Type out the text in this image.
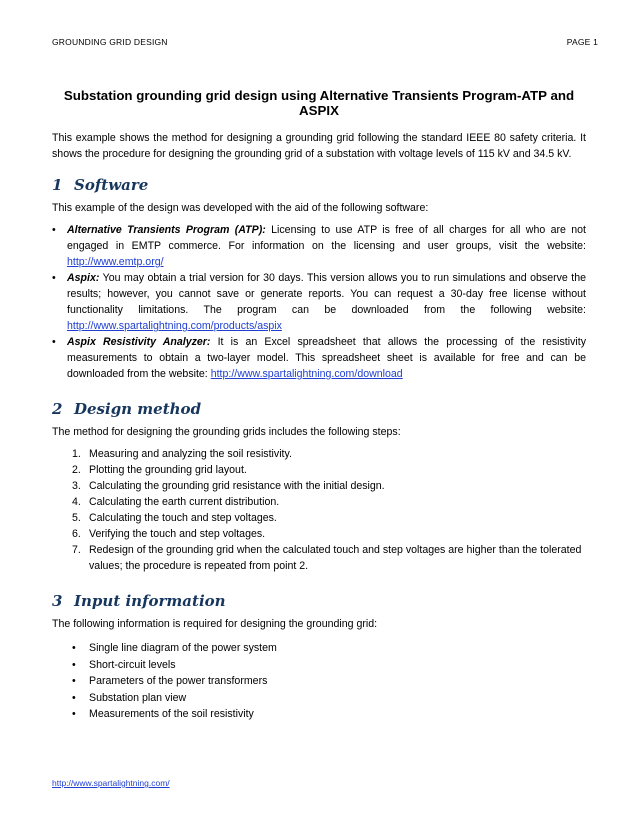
GROUNDING GRID DESIGN	PAGE 1
Substation grounding grid design using Alternative Transients Program-ATP and ASPIX

This example shows the method for designing a grounding grid following the standard IEEE 80 safety criteria. It shows the procedure for designing the grounding grid of a substation with voltage levels of 115 kV and 34.5 kV.

1 Software

This example of the design was developed with the aid of the following software:

• Alternative Transients Program (ATP): Licensing to use ATP is free of all charges for all who are not engaged in EMTP commerce. For information on the licensing and user groups, visit the website: http://www.emtp.org/
• Aspix: You may obtain a trial version for 30 days. This version allows you to run simulations and observe the results; however, you cannot save or generate reports. You can request a 30-day free license without functionality limitations. The program can be downloaded from the following website: http://www.spartalightning.com/products/aspix
• Aspix Resistivity Analyzer: It is an Excel spreadsheet that allows the processing of the resistivity measurements to obtain a two-layer model. This spreadsheet sheet is available for free and can be downloaded from the website: http://www.spartalightning.com/download
2 Design method

The method for designing the grounding grids includes the following steps:

1. Measuring and analyzing the soil resistivity.
2. Plotting the grounding grid layout.
3. Calculating the grounding grid resistance with the initial design.
4. Calculating the earth current distribution.
5. Calculating the touch and step voltages.
6. Verifying the touch and step voltages.
7. Redesign of the grounding grid when the calculated touch and step voltages are higher than the tolerated values; the procedure is repeated from point 2.
3 Input information

The following information is required for designing the grounding grid:

• Single line diagram of the power system
• Short-circuit levels
• Parameters of the power transformers
• Substation plan view
• Measurements of the soil resistivity
http://www.spartalightning.com/
